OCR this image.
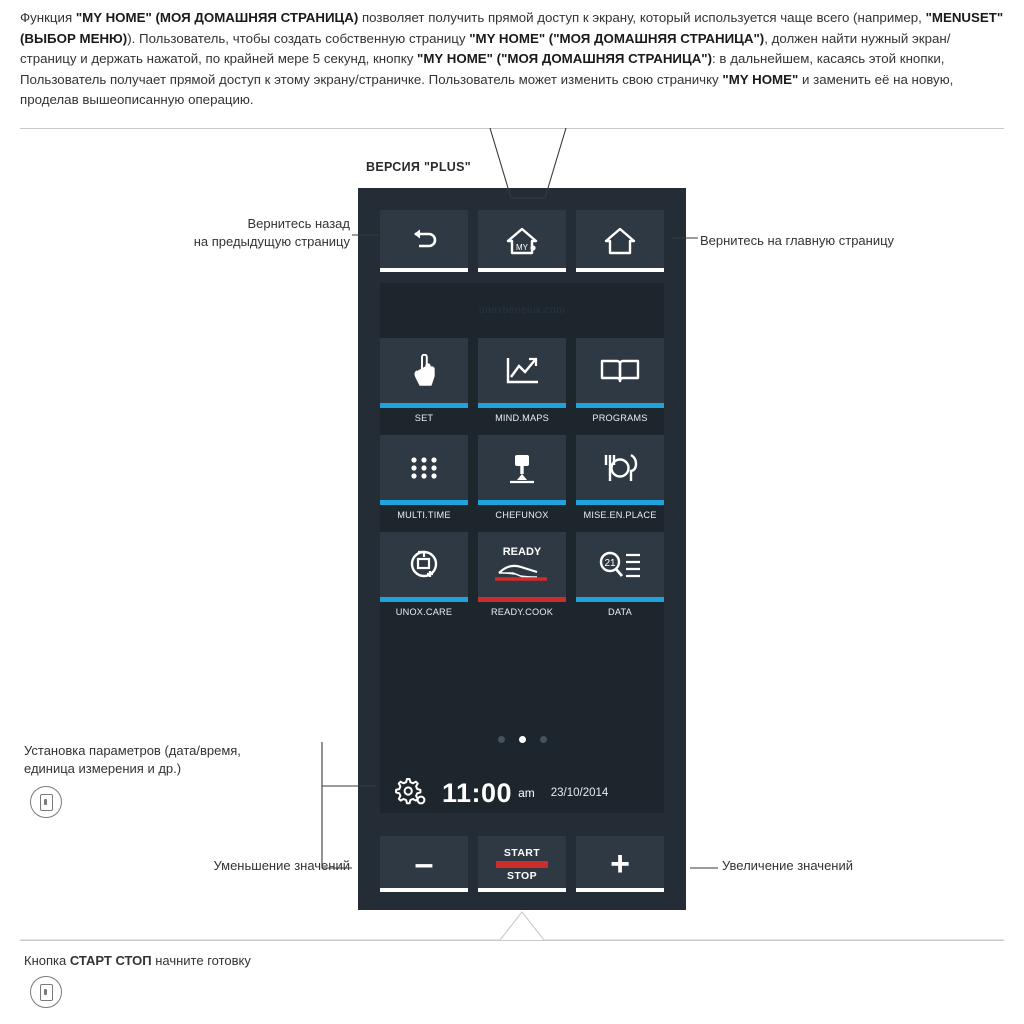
Функция "MY HOME" (МОЯ ДОМАШНЯЯ СТРАНИЦА) позволяет получить прямой доступ к экрану, который используется чаще всего (например, "MENUSET" (ВЫБОР МЕНЮ)). Пользователь, чтобы создать собственную страницу "MY HOME" ("МОЯ ДОМАШНЯЯ СТРАНИЦА"), должен найти нужный экран/страницу и держать нажатой, по крайней мере 5 секунд, кнопку "MY HOME" ("МОЯ ДОМАШНЯЯ СТРАНИЦА"): в дальнейшем, касаясь этой кнопки, Пользователь получает прямой доступ к этому экрану/страничке. Пользователь может изменить свою страничку "MY HOME" и заменить её на новую, проделав вышеописанную операцию.
ВЕРСИЯ "PLUS"
MY
unoxbenelux.com
SET	MIND.MAPS	PROGRAMS
MULTI.TIME	CHEFUNOX	MISE.EN.PLACE
UNOX.CARE
READY
READY.COOK
21
DATA
11:00 am 23/10/2014
–	START
STOP +
Вернитесь назад
на предыдущую страницу	Вернитесь на главную страницу
Установка параметров (дата/время,
единица измерения и др.)
Уменьшение значений	Увеличение значений
Кнопка СТАРТ СТОП начните готовку
